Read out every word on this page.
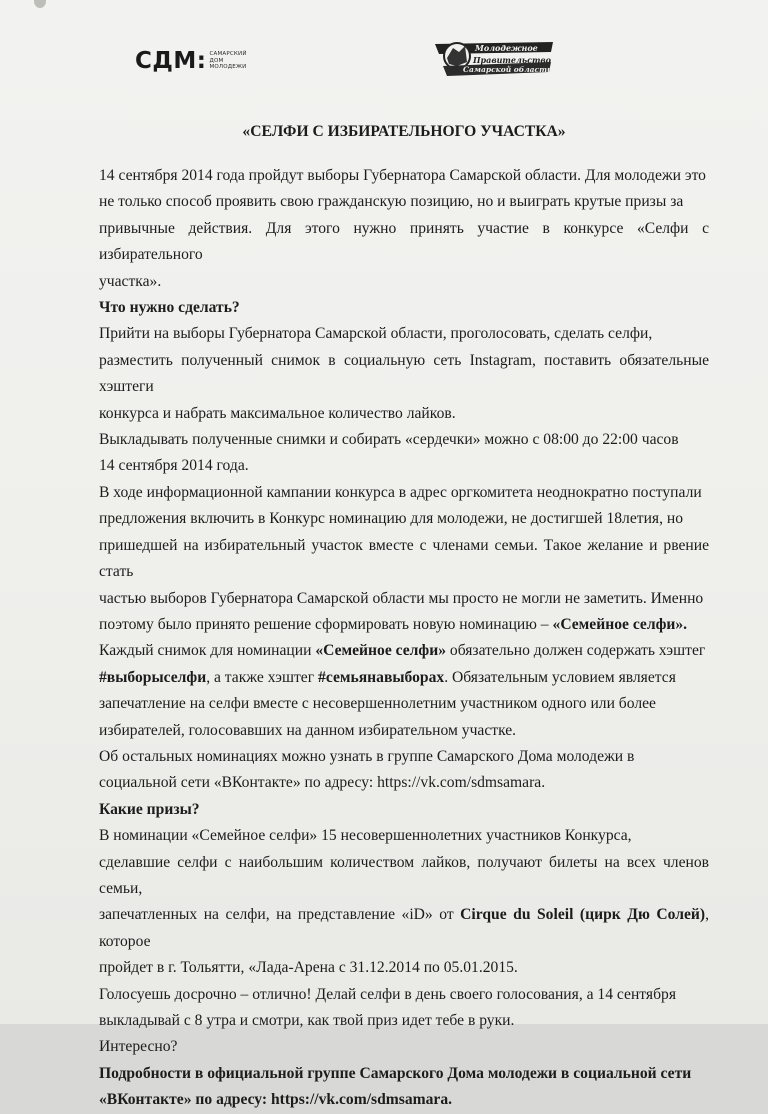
СДМ: САМАРСКИЙ
ДОМ
МОЛОДЕЖИ
Молодежное
Правительство
Самарской области

«СЕЛФИ С ИЗБИРАТЕЛЬНОГО УЧАСТКА»

14 сентября 2014 года пройдут выборы Губернатора Самарской области. Для молодежи это
не только способ проявить свою гражданскую позицию, но и выиграть крутые призы за
привычные действия. Для этого нужно принять участие в конкурсе «Селфи с избирательного
участка».

Что нужно сделать?

Прийти на выборы Губернатора Самарской области, проголосовать, сделать селфи,
разместить полученный снимок в социальную сеть Instagram, поставить обязательные хэштеги
конкурса и набрать максимальное количество лайков.

Выкладывать полученные снимки и собирать «сердечки» можно с 08:00 до 22:00 часов
14 сентября 2014 года.

В ходе информационной кампании конкурса в адрес оргкомитета неоднократно поступали
предложения включить в Конкурс номинацию для молодежи, не достигшей 18летия, но
пришедшей на избирательный участок вместе с членами семьи. Такое желание и рвение стать
частью выборов Губернатора Самарской области мы просто не могли не заметить. Именно
поэтому было принято решение сформировать новую номинацию – «Семейное селфи».

Каждый снимок для номинации «Семейное селфи» обязательно должен содержать хэштег
#выборыселфи, а также хэштег #семьянавыборах. Обязательным условием является
запечатление на селфи вместе с несовершеннолетним участником одного или более
избирателей, голосовавших на данном избирательном участке.

Об остальных номинациях можно узнать в группе Самарского Дома молодежи в
социальной сети «ВКонтакте» по адресу: https://vk.com/sdmsamara.

Какие призы?

В номинации «Семейное селфи» 15 несовершеннолетних участников Конкурса,
сделавшие селфи с наибольшим количеством лайков, получают билеты на всех членов семьи,
запечатленных на селфи, на представление «iD» от Cirque du Soleil (цирк Дю Солей), которое
пройдет в г. Тольятти, «Лада-Арена с 31.12.2014 по 05.01.2015.

Голосуешь досрочно – отлично! Делай селфи в день своего голосования, а 14 сентября
выкладывай с 8 утра и смотри, как твой приз идет тебе в руки.

Интересно?

Подробности в официальной группе Самарского Дома молодежи в социальной сети
«ВКонтакте» по адресу: https://vk.com/sdmsamara.
